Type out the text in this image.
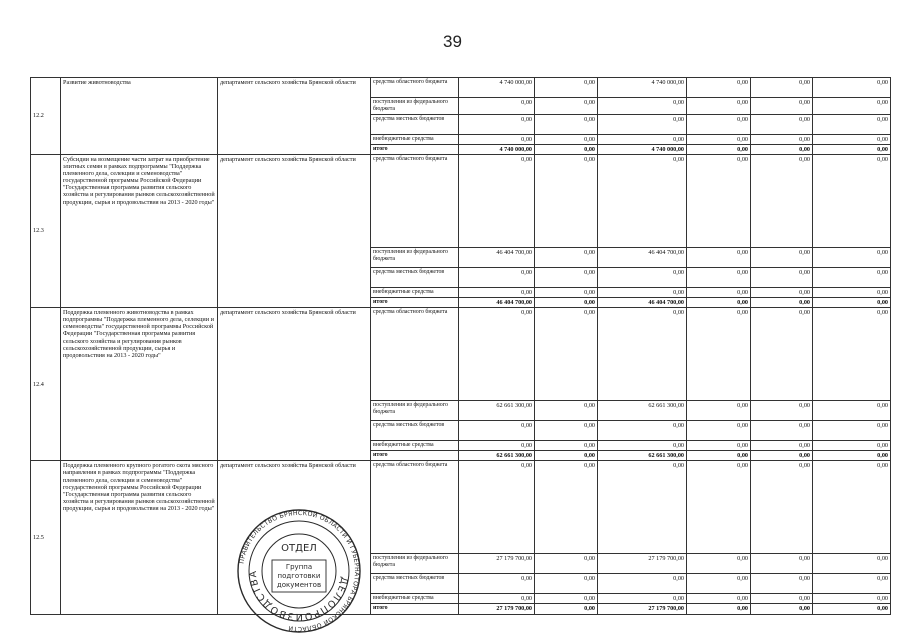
39
12.2	Развитие животноводства	департамент сельского хозяйства Брянской области	средства областного бюджета	4 740 000,00	0,00	4 740 000,00	0,00	0,00	0,00
			поступления из федерального бюджета	0,00	0,00	0,00	0,00	0,00	0,00
			средства местных бюджетов	0,00	0,00	0,00	0,00	0,00	0,00
			внебюджетные средства	0,00	0,00	0,00	0,00	0,00	0,00
			итого	4 740 000,00	0,00	4 740 000,00	0,00	0,00	0,00
12.3	Субсидии на возмещение части затрат на приобретение элитных семян в рамках подпрограммы "Поддержка племенного дела, селекции и семеноводства" государственной программы Российской Федерации "Государственная программа развития сельского хозяйства и регулирования рынков сельскохозяйственной продукции, сырья и продовольствия на 2013 - 2020 годы"	департамент сельского хозяйства Брянской области	средства областного бюджета	0,00	0,00	0,00	0,00	0,00	0,00
			поступления из федерального бюджета	46 404 700,00	0,00	46 404 700,00	0,00	0,00	0,00
			средства местных бюджетов	0,00	0,00	0,00	0,00	0,00	0,00
			внебюджетные средства	0,00	0,00	0,00	0,00	0,00	0,00
			итого	46 404 700,00	0,00	46 404 700,00	0,00	0,00	0,00
12.4	Поддержка племенного животноводства в рамках подпрограммы "Поддержка племенного дела, селекции и семеноводства" государственной программы Российской Федерации "Государственная программа развития сельского хозяйства и регулирования рынков сельскохозяйственной продукции, сырья и продовольствия на 2013 - 2020 годы"	департамент сельского хозяйства Брянской области	средства областного бюджета	0,00	0,00	0,00	0,00	0,00	0,00
			поступления из федерального бюджета	62 661 300,00	0,00	62 661 300,00	0,00	0,00	0,00
			средства местных бюджетов	0,00	0,00	0,00	0,00	0,00	0,00
			внебюджетные средства	0,00	0,00	0,00	0,00	0,00	0,00
			итого	62 661 300,00	0,00	62 661 300,00	0,00	0,00	0,00
12.5	Поддержка племенного крупного рогатого скота мясного направления в рамках подпрограммы "Поддержка племенного дела, селекции и семеноводства" государственной программы Российской Федерации "Государственная программа развития сельского хозяйства и регулирования рынков сельскохозяйственной продукции, сырья и продовольствия на 2013 - 2020 годы"	департамент сельского хозяйства Брянской области	средства областного бюджета	0,00	0,00	0,00	0,00	0,00	0,00
			поступления из федерального бюджета	27 179 700,00	0,00	27 179 700,00	0,00	0,00	0,00
			средства местных бюджетов	0,00	0,00	0,00	0,00	0,00	0,00
			внебюджетные средства	0,00	0,00	0,00	0,00	0,00	0,00
			итого	27 179 700,00	0,00	27 179 700,00	0,00	0,00	0,00
ПРАВИТЕЛЬСТВО БРЯНСКОЙ ОБЛАСТИ И ГУБЕРНАТОРА БРЯНСКОЙ ОБЛАСТИ
ДЕЛОПРОИЗВОДСТВА
ОТДЕЛ
Группа
подготовки
документов
